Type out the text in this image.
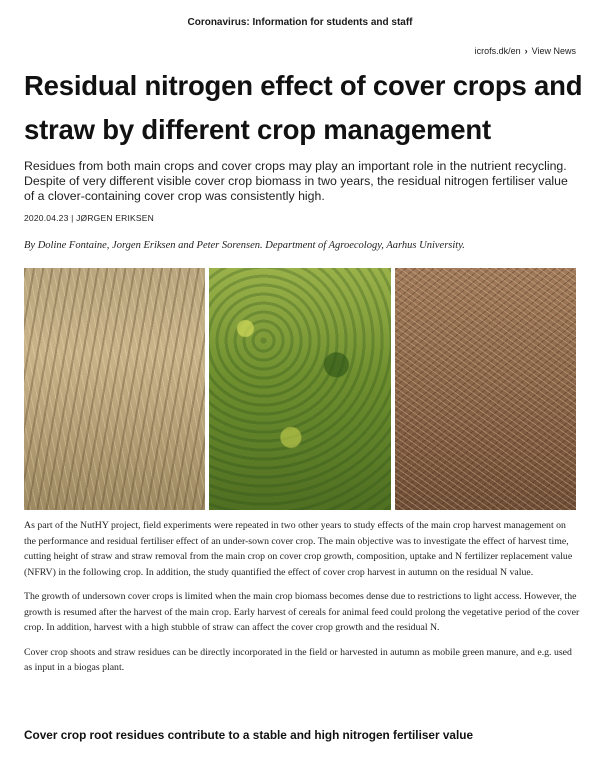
Coronavirus: Information for students and staff
icrofs.dk/en › View News
Residual nitrogen effect of cover crops and straw by different crop management
Residues from both main crops and cover crops may play an important role in the nutrient recycling. Despite of very different visible cover crop biomass in two years, the residual nitrogen fertiliser value of a clover-containing cover crop was consistently high.
2020.04.23 | JØRGEN ERIKSEN
By Doline Fontaine, Jorgen Eriksen and Peter Sorensen. Department of Agroecology, Aarhus University.

As part of the NutHY project, field experiments were repeated in two other years to study effects of the main crop harvest management on the performance and residual fertiliser effect of an under-sown cover crop. The main objective was to investigate the effect of harvest time, cutting height of straw and straw removal from the main crop on cover crop growth, composition, uptake and N fertilizer replacement value (NFRV) in the following crop. In addition, the study quantified the effect of cover crop harvest in autumn on the residual N value.

The growth of undersown cover crops is limited when the main crop biomass becomes dense due to restrictions to light access. However, the growth is resumed after the harvest of the main crop. Early harvest of cereals for animal feed could prolong the vegetative period of the cover crop. In addition, harvest with a high stubble of straw can affect the cover crop growth and the residual N.

Cover crop shoots and straw residues can be directly incorporated in the field or harvested in autumn as mobile green manure, and e.g. used as input in a biogas plant.

Cover crop root residues contribute to a stable and high nitrogen fertiliser value
